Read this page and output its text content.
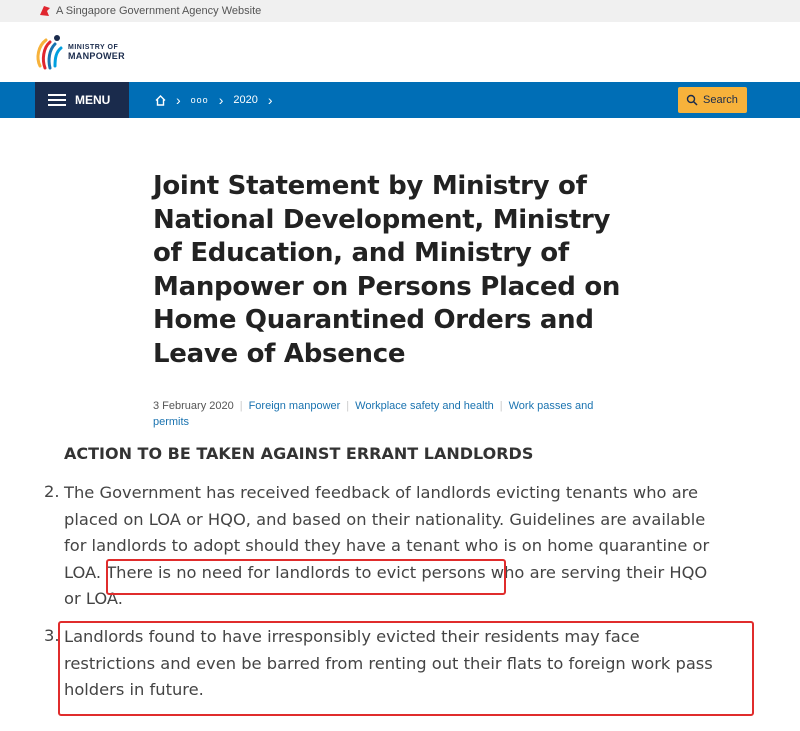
A Singapore Government Agency Website
MINISTRY OF
MANPOWER
MENU	› ooo › 2020 ›	Search
Joint Statement by Ministry of National Development, Ministry of Education, and Ministry of Manpower on Persons Placed on Home Quarantined Orders and Leave of Absence
3 February 2020 | Foreign manpower | Workplace safety and health | Work passes and permits
ACTION TO BE TAKEN AGAINST ERRANT LANDLORDS
2. The Government has received feedback of landlords evicting tenants who are
placed on LOA or HQO, and based on their nationality. Guidelines are available
for landlords to adopt should they have a tenant who is on home quarantine or
LOA. There is no need for landlords to evict persons who are serving their HQO
or LOA.
3. Landlords found to have irresponsibly evicted their residents may face
restrictions and even be barred from renting out their flats to foreign work pass
holders in future.
